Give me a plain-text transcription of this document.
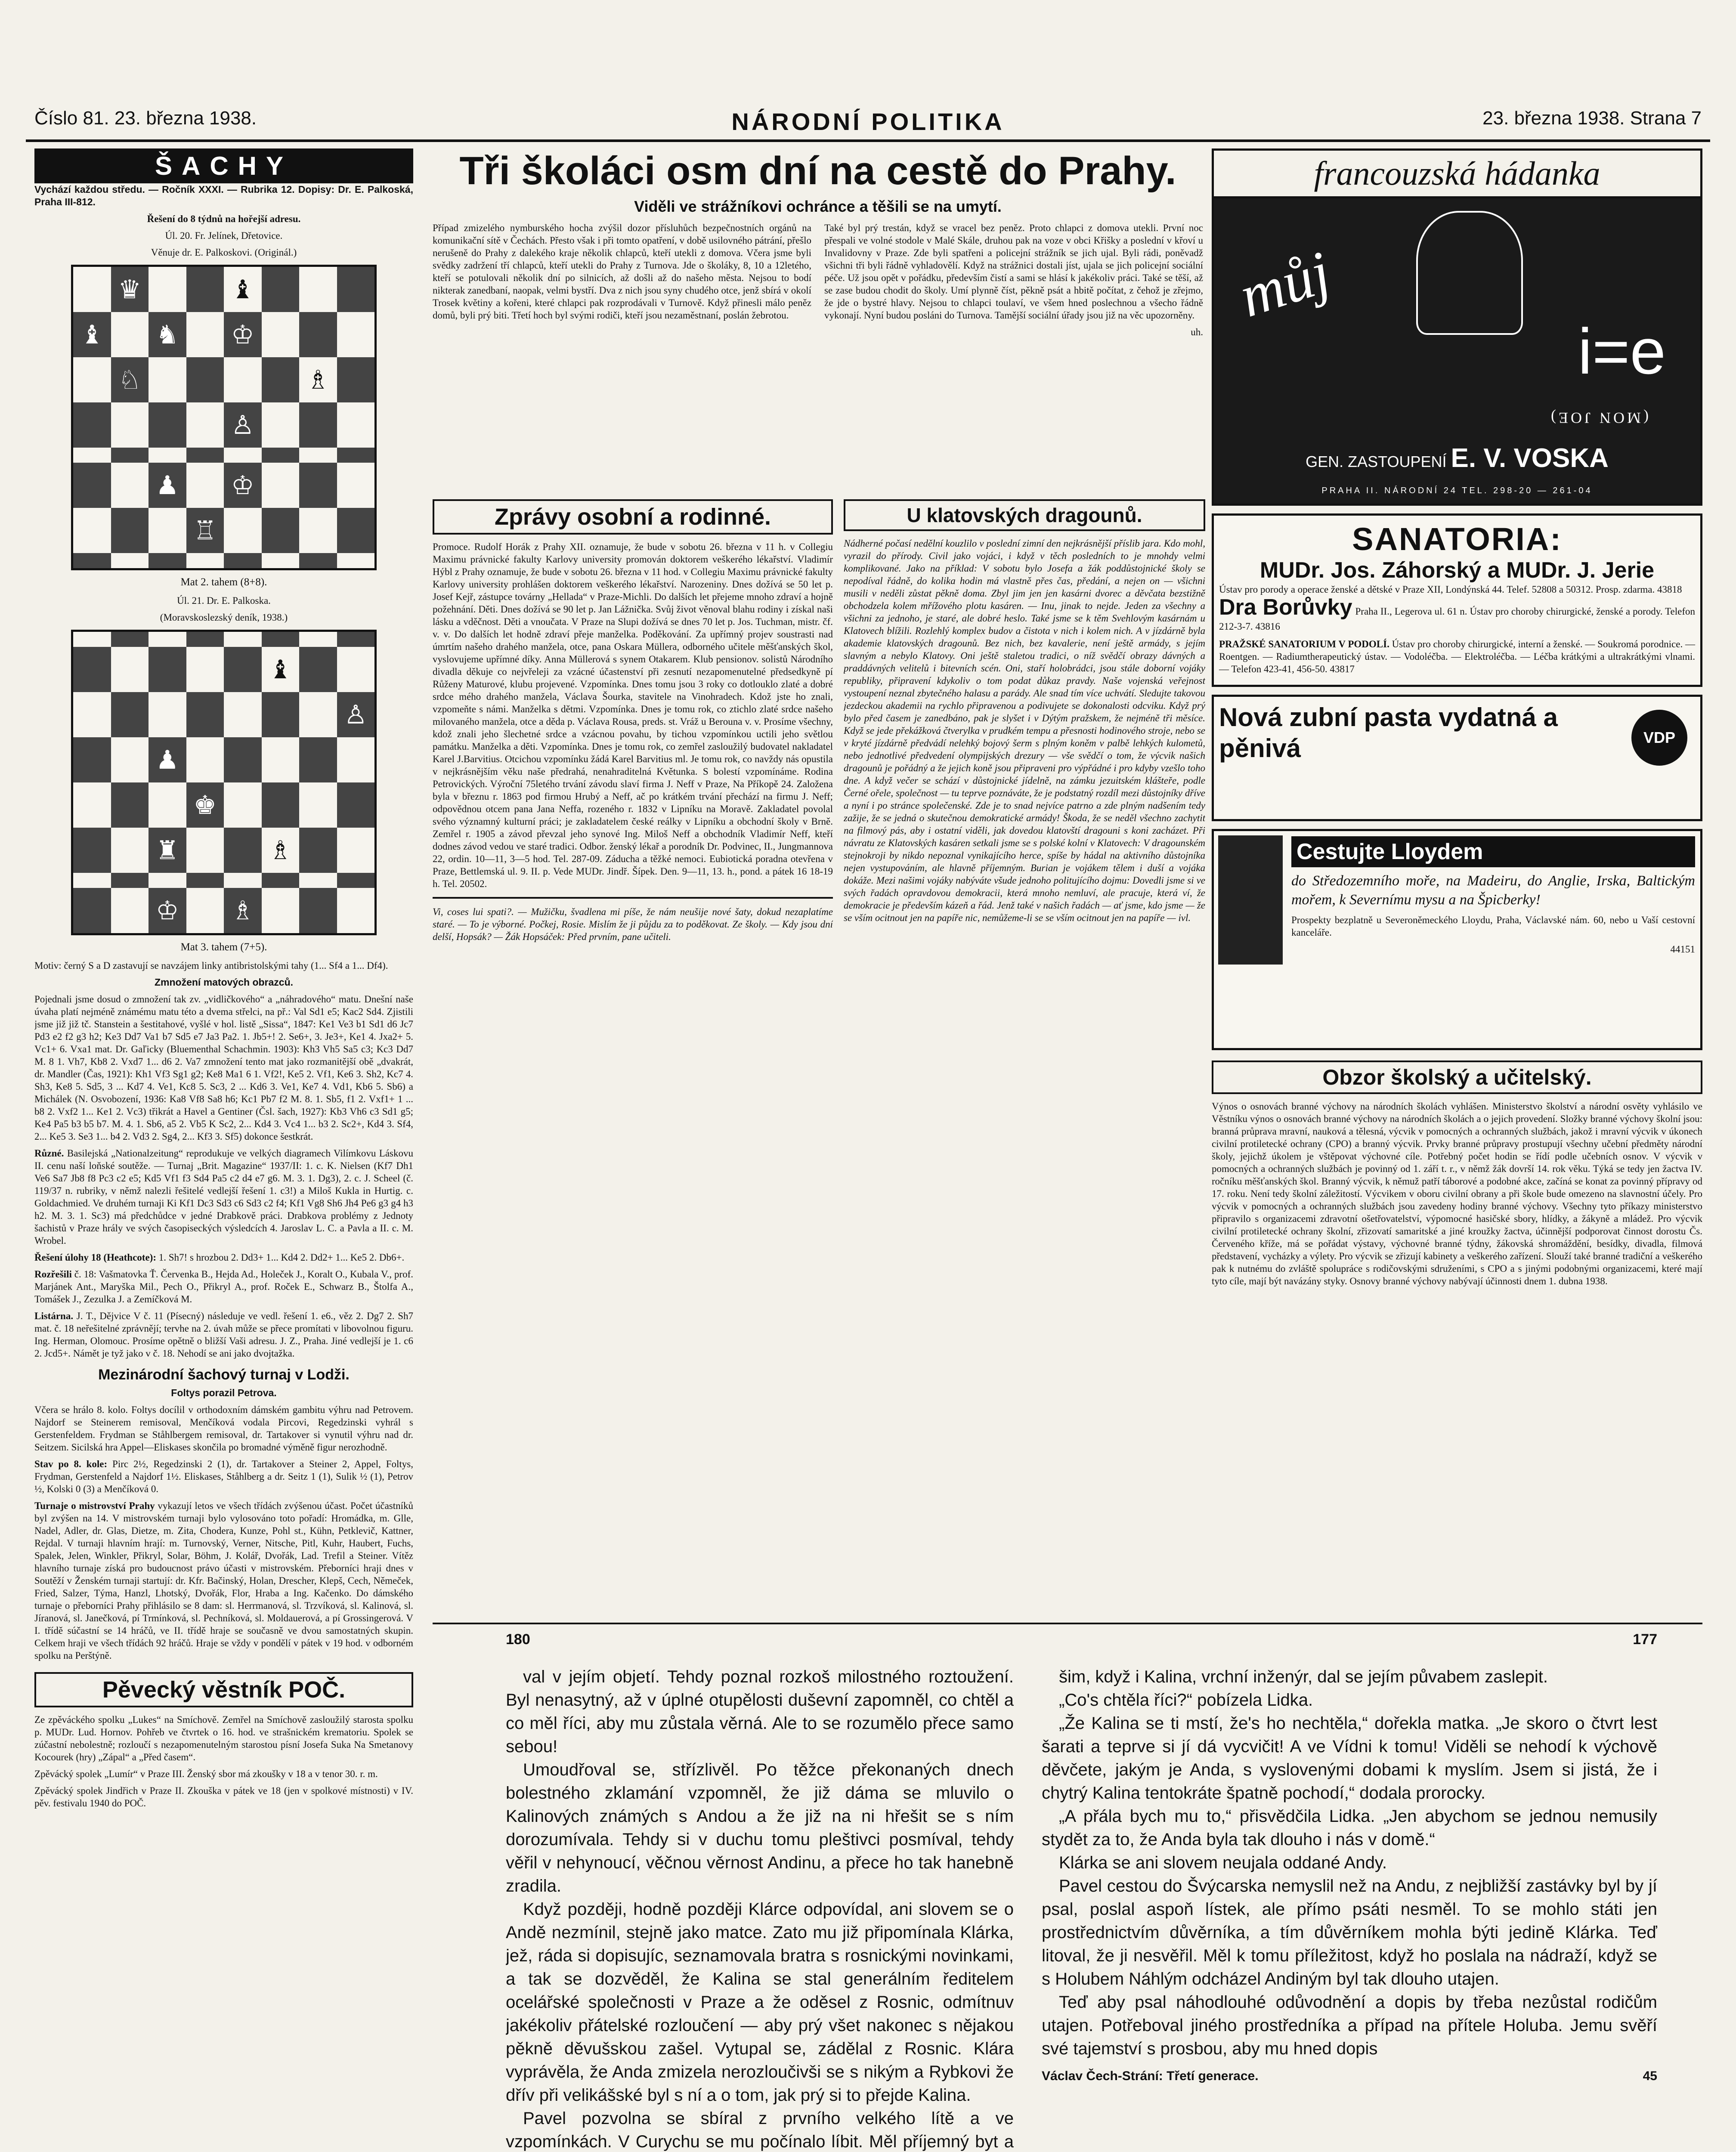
Číslo 81. 23. března 1938.	NÁRODNÍ POLITIKA	23. března 1938. Strana 7
ŠACHY
Vychází každou středu. — Ročník XXXI. — Rubrika 12. Dopisy: Dr. E. Palkoská, Praha III-812.
Řešení do 8 týdnů na hořejší adresu.
Úl. 20. Fr. Jelínek, Dřetovice.
Věnuje dr. E. Palkoskovi. (Originál.)
♛	♝
♝ ♞ ♔
♘	♗
♙
♟ ♔
♖
Mat 2. tahem (8+8).
Úl. 21. Dr. E. Palkoska.
(Moravskoslezský deník, 1938.)
♝
♙
♟
♚
♜	♗
♔ ♗
Mat 3. tahem (7+5).
Motiv: černý S a D zastavují se navzájem linky antibristolskými tahy (1... Sf4 a 1... Df4).
Zmnožení matových obrazců.
Pojednali jsme dosud o zmnožení tak zv. „vidličkového“ a „náhradového“ matu. Dnešní naše úvaha platí nejméně známému matu této a dvema střelci, na př.: Val Sd1 e5; Kac2 Sd4. Zjistili jsme již již tč. Stanstein a šestitahové, vyšlé v hol. listě „Sissa“, 1847: Ke1 Ve3 b1 Sd1 d6 Jc7 Pd3 e2 f2 g3 h2; Ke3 Dd7 Va1 b7 Sd5 e7 Ja3 Pa2. 1. Jb5+! 2. Se6+, 3. Je3+, Ke1 4. Jxa2+ 5. Vc1+ 6. Vxa1 mat. Dr. Gaľicky (Bluementhal Schachmin. 1903): Kh3 Vh5 Sa5 c3; Kc3 Dd7 M. 8 1. Vh7, Kb8 2. Vxd7 1... d6 2. Va7 zmnožení tento mat jako rozmanitější obě „dvakrát, dr. Mandler (Čas, 1921): Kh1 Vf3 Sg1 g2; Ke8 Ma1 6 1. Vf2!, Ke5 2. Vf1, Ke6 3. Sh2, Kc7 4. Sh3, Ke8 5. Sd5, 3 ... Kd7 4. Ve1, Kc8 5. Sc3, 2 ... Kd6 3. Ve1, Ke7 4. Vd1, Kb6 5. Sb6) a Michálek (N. Osvobození, 1936: Ka8 Vf8 Sa8 h6; Kc1 Pb7 f2 M. 8. 1. Sb5, f1 2. Vxf1+ 1 ... b8 2. Vxf2 1... Ke1 2. Vc3) třikrát a Havel a Gentiner (Čsl. šach, 1927): Kb3 Vh6 c3 Sd1 g5; Ke4 Pa5 b3 b5 b7. M. 4. 1. Sb6, a5 2. Vb5 K Sc2, 2... Kd4 3. Vc4 1... b3 2. Sc2+, Kd4 3. Sf4, 2... Ke5 3. Se3 1... b4 2. Vd3 2. Sg4, 2... Kf3 3. Sf5) dokonce šestkrát.
Různé. Basilejská „Nationalzeitung“ reprodukuje ve velkých diagramech Vilímkovu Láskovu II. cenu naší loňské soutěže. — Turnaj „Brit. Magazine“ 1937/II: 1. c. K. Nielsen (Kf7 Dh1 Ve6 Sa7 Jb8 f8 Pc3 c2 e5; Kd5 Vf1 f3 Sd4 Pa5 c2 d4 e7 g6. M. 3. 1. Dg3), 2. c. J. Scheel (č. 119/37 n. rubriky, v němž nalezli řešitelé vedlejší řešení 1. c3!) a Miloš Kukla in Hurtig. c. Goldachmied. Ve druhém turnaji Ki Kf1 Dc3 Sd3 c6 Sd3 c2 f4; Kf1 Vg8 Sh6 Jh4 Pe6 g3 g4 h3 h2. M. 3. 1. Sc3) má předchůdce v jedné Drabkově práci. Drabkova problémy z Jednoty šachistů v Praze hrály ve svých časopiseckých výsledcích 4. Jaroslav L. C. a Pavla a II. c. M. Wrobel.
Řešení úlohy 18 (Heathcote): 1. Sh7! s hrozbou 2. Dd3+ 1... Kd4 2. Dd2+ 1... Ke5 2. Db6+.
Rozřešili č. 18: Vašmatovka Ť. Červenka B., Hejda Ad., Holeček J., Koralt O., Kubala V., prof. Marjánek Ant., Maryška Mil., Pech O., Přikryl A., prof. Roček E., Schwarz B., Štolfa A., Tomášek J., Zezulka J. a Zemíčková M.
Listárna. J. T., Dějvice V č. 11 (Písecný) následuje ve vedl. řešení 1. e6., věz 2. Dg7 2. Sh7 mat. č. 18 neřešitelné zprávnějí; tervhe na 2. úvah může se přece promítati v libovolnou figuru. Ing. Herman, Olomouc. Prosíme opětně o bližší Vaši adresu. J. Z., Praha. Jiné vedlejší je 1. c6 2. Jcd5+. Námět je tyž jako v č. 18. Nehodí se ani jako dvojtažka.
Mezinárodní šachový turnaj v Lodži.
Foltys porazil Petrova.
Včera se hrálo 8. kolo. Foltys docílil v orthodoxním dámském gambitu výhru nad Petrovem. Najdorf se Steinerem remisoval, Menčíková vodala Pircovi, Regedzinski vyhrál s Gerstenfeldem. Frydman se Ståhlbergem remisoval, dr. Tartakover si vynutil výhru nad dr. Seitzem. Sicilská hra Appel—Eliskases skončila po bromadné výměně figur nerozhodně.
Stav po 8. kole: Pirc 2½, Regedzinski 2 (1), dr. Tartakover a Steiner 2, Appel, Foltys, Frydman, Gerstenfeld a Najdorf 1½. Eliskases, Ståhlberg a dr. Seitz 1 (1), Sulik ½ (1), Petrov ½, Kolski 0 (3) a Menčíková 0.
Turnaje o mistrovství Prahy vykazují letos ve všech třídách zvýšenou účast. Počet účastníků byl zvýšen na 14. V mistrovském turnaji bylo vylosováno toto pořadí: Hromádka, m. Glle, Nadel, Adler, dr. Glas, Dietze, m. Zita, Chodera, Kunze, Pohl st., Kühn, Petklevič, Kattner, Rejdal. V turnaji hlavním hrají: m. Turnovský, Verner, Nitsche, Pitl, Kuhr, Haubert, Fuchs, Spalek, Jelen, Winkler, Přikryl, Solar, Böhm, J. Kolář, Dvořák, Lad. Trefil a Steiner. Vítěz hlavního turnaje získá pro budoucnost právo účasti v mistrovském. Přeborníci hraji dnes v Soutěží v Ženském turnaji startují: dr. Kfr. Bačinský, Holan, Drescher, Klepš, Cech, Němeček, Fried, Salzer, Týma, Hanzl, Lhotský, Dvořák, Flor, Hraba a Ing. Kačenko. Do dámského turnaje o přeborníci Prahy přihlásilo se 8 dam: sl. Herrmanová, sl. Trzvíková, sl. Kalinová, sl. Jíranová, sl. Janečková, pí Trmínková, sl. Pechníková, sl. Moldauerová, a pí Grossingerová. V I. třídě súčastní se 14 hráčů, ve II. třídě hraje se současně ve dvou samostatných skupin. Celkem hraji ve všech třídách 92 hráčů. Hraje se vždy v pondělí v pátek v 19 hod. v odborném spolku na Perštýně.
Pěvecký věstník POČ.
Ze zpěváckého spolku „Lukes“ na Smíchově. Zemřel na Smíchově zasloužilý starosta spolku p. MUDr. Lud. Hornov. Pohřeb ve čtvrtek o 16. hod. ve strašnickém krematoriu. Spolek se zúčastní nebolestně; rozloučí s nezapomenutelným starostou písní Josefa Suka Na Smetanovy Kocourek (hry) „Zápal“ a „Před časem“.
Zpěvácký spolek „Lumír“ v Praze III. Ženský sbor má zkoušky v 18 a v tenor 30. r. m.
Zpěvácký spolek Jindřich v Praze II. Zkouška v pátek ve 18 (jen v spolkové místnosti) v IV. pěv. festivalu 1940 do POČ.
Tři školáci osm dní na cestě do Prahy.
Viděli ve strážníkovi ochránce a těšili se na umytí.
Případ zmizelého nymburského hocha zvýšil dozor přísluhůch bezpečnostních orgánů na komunikační sítě v Čechách. Přesto však i při tomto opatření, v době usilovného pátrání, přešlo nerušeně do Prahy z dalekého kraje několik chlapců, kteří utekli z domova. Včera jsme byli svědky zadržení tří chlapců, kteří utekli do Prahy z Turnova. Jde o školáky, 8, 10 a 12letého, kteří se potulovali několik dní po silnicích, až došli až do našeho města. Nejsou to bodí nikterak zanedbaní, naopak, velmi bystří. Dva z nich jsou syny chudého otce, jenž sbírá v okolí Trosek květiny a kořeni, které chlapci pak rozprodávali v Turnově. Když přinesli málo peněz domů, byli prý biti. Třetí hoch byl svými rodiči, kteří jsou nezaměstnaní, poslán žebrotou.
Také byl prý trestán, když se vracel bez peněz. Proto chlapci z domova utekli. První noc přespali ve volné stodole v Malé Skále, druhou pak na voze v obci Křišky a poslední v křoví u Invalidovny v Praze. Zde byli spatřeni a policejní strážník se jich ujal. Byli rádi, poněvadž všichni tři byli řádně vyhladovělí. Když na strážnici dostali jíst, ujala se jich policejní sociální péče. Už jsou opět v pořádku, především čistí a sami se hlásí k jakékoliv práci. Také se těší, až se zase budou chodit do školy. Umí plynně číst, pěkně psát a hbitě počítat, z čehož je zřejmo, že jde o bystré hlavy. Nejsou to chlapci toulaví, ve všem hned poslechnou a všecho řádně vykonají. Nyní budou posláni do Turnova. Tamější sociální úřady jsou již na věc upozorněny.
uh.
Zprávy osobní a rodinné.
Promoce. Rudolf Horák z Prahy XII. oznamuje, že bude v sobotu 26. března v 11 h. v Collegiu Maximu právnické fakulty Karlovy university promován doktorem veškerého lékařství. Vladimír Hýbl z Prahy oznamuje, že bude v sobotu 26. března v 11 hod. v Collegiu Maximu právnické fakulty Karlovy university prohlášen doktorem veškerého lékařství. Narozeniny. Dnes dožívá se 50 let p. Josef Kejř, zástupce továrny „Hellada“ v Praze-Michli. Do dalších let přejeme mnoho zdraví a hojně požehnání. Děti. Dnes dožívá se 90 let p. Jan Lážnička. Svůj život věnoval blahu rodiny i získal naši lásku a vděčnost. Děti a vnoučata. V Praze na Slupi dožívá se dnes 70 let p. Jos. Tuchman, mistr. čf. v. v. Do dalších let hodně zdraví přeje manželka. Poděkování. Za upřímný projev soustrasti nad úmrtím našeho drahého manžela, otce, pana Oskara Müllera, odborného učitele měšťanských škol, vyslovujeme upřímné díky. Anna Müllerová s synem Otakarem. Klub pensionov. solistů Národního divadla děkuje co nejvřeleji za vzácné účastenství při zesnutí nezapomenutelné předsedkyně pí Růženy Maturové, klubu projevené. Vzpomínka. Dnes tomu jsou 3 roky co dotlouklo zlaté a dobré srdce mého drahého manžela, Václava Šourka, stavitele na Vinohradech. Kdož jste ho znali, vzpomeňte s námi. Manželka s dětmi. Vzpomínka. Dnes je tomu rok, co ztichlo zlaté srdce našeho milovaného manžela, otce a děda p. Václava Rousa, preds. st. Vráž u Berouna v. v. Prosíme všechny, kdož znali jeho šlechetné srdce a vzácnou povahu, by tichou vzpomínkou uctili jeho světlou památku. Manželka a děti. Vzpomínka. Dnes je tomu rok, co zemřel zasloužilý budovatel nakladatel Karel J.Barvitius. Otcichou vzpomínku žádá Karel Barvitius ml. Je tomu rok, co navždy nás opustila v nejkrásnějším věku naše předrahá, nenahraditelná Květunka. S bolestí vzpomínáme. Rodina Petrovických. Výroční 75letého trvání závodu slaví firma J. Neff v Praze, Na Příkopě 24. Založena byla v březnu r. 1863 pod firmou Hrubý a Neff, ač po krátkém trvání přechází na firmu J. Neff; odpovědnou otcem pana Jana Neffa, rozeného r. 1832 v Lipníku na Moravě. Zakladatel povolal svého významný kulturní práci; je zakladatelem české reálky v Lipníku a obchodní školy v Brně. Zemřel r. 1905 a závod převzal jeho synové Ing. Miloš Neff a obchodník Vladimír Neff, kteří dodnes závod vedou ve staré tradici. Odbor. ženský lékař a porodník Dr. Podvinec, II., Jungmannova 22, ordin. 10—11, 3—5 hod. Tel. 287-09. Záducha a těžké nemoci. Eubiotická poradna otevřena v Praze, Bettlemská ul. 9. II. p. Vede MUDr. Jindř. Šípek. Den. 9—11, 13. h., pond. a pátek 16 18-19 h. Tel. 20502.
Vi, coses lui spati?. — Mužičku, švadlena mi píše, že nám neušije nové šaty, dokud nezaplatíme staré. — To je výborné. Počkej, Rosie. Mislím že ji půjdu za to poděkovat. Ze školy. — Kdy jsou dní delší, Hopsák? — Žák Hopsáček: Před prvním, pane učiteli.
U klatovských dragounů.
Nádherné počasí nedělní kouzlilo v poslední zimní den nejkrásnější příslib jara. Kdo mohl, vyrazil do přírody. Civil jako vojáci, i když v těch posledních to je mnohdy velmi komplikované. Jako na příklad: V sobotu bylo Josefa a žák poddůstojnické školy se nepodíval řádně, do kolika hodin má vlastně přes čas, předání, a nejen on — všichni musili v neděli zůstat pěkně doma. Zbyl jim jen jen kasárni dvorec a děvčata bezstižně obchodzela kolem mřížového plotu kasáren. — Inu, jinak to nejde. Jeden za všechny a všichni za jednoho, je staré, ale dobré heslo. Také jsme se k těm Svehlovým kasárnám u Klatovech blížili. Rozlehlý komplex budov a čistota v nich i kolem nich. A v jízdárně byla akademie klatovských dragounů. Bez nich, bez kavalerie, není ještě armády, s jejím slavným a nebylo Klatovy. Oni ještě staletou tradici, o níž svědčí obrazy dávných a praddávných velitelů i bitevních scén. Oni, staří holobrádci, jsou stále doborní vojáky republiky, připravení kdykoliv o tom podat důkaz pravdy. Naše vojenská veřejnost vystoupení neznal zbytečného halasu a parády. Ale snad tím více uchvátí. Sledujte takovou jezdeckou akademii na rychlo připravenou a podivujete se dokonalosti odcviku. Když prý bylo před časem je zanedbáno, pak je slyšet i v Dýtým pražskem, že nejméně tři měsíce. Když se jede překážková čtverylka v prudkém tempu a přesnosti hodinového stroje, nebo se v kryté jízdárně předvádí nelehký bojový šerm s plným koněm v palbě lehkých kulometů, nebo jednotlivé předvedení olympijských drezury — vše svědčí o tom, že výcvik našich dragounů je pořádný a že jejich koně jsou připraveni pro výpřádné i pro kdyby vzešlo toho dne. A když večer se schází v důstojnické jídelně, na zámku jezuitském klášteře, podle Černé ořele, společnost — tu teprve poznáváte, že je podstatný rozdíl mezi důstojníky dříve a nyní i po stránce společenské. Zde je to snad nejvíce patrno a zde plným nadšením tedy zažije, že se jedná o skutečnou demokratické armády! Škoda, že se neděl všechno zachytit na filmový pás, aby i ostatní viděli, jak dovedou klatovští dragouni s koni zacházet. Při návratu ze Klatovských kasáren setkali jsme se s polské kolní v Klatovech: V dragounském stejnokroji by nikdo nepoznal vynikajícího herce, spíše by hádal na aktivního důstojníka nejen vystupováním, ale hlavně příjemným. Burian je vojákem tělem i duší a vojáka dokáže. Mezi našimi vojáky nabýváte všude jednoho politujícího dojmu: Dovedli jsme si ve svých řadách opravdovou demokracii, která mnoho nemluví, ale pracuje, která ví, že demokracie je především kázeň a řád. Jenž také v našich řadách — ať jsme, kdo jsme — že se vším ocitnout jen na papíře nic, nemůžeme-li se se vším ocitnout jen na papíře — ivl.
francouzská hádanka
můj
i=e
(MON JOE)
GEN. ZASTOUPENÍ E. V. VOSKA
PRAHA II. NÁRODNÍ 24 TEL. 298-20 — 261-04
SANATORIA:
MUDr. Jos. Záhorský a MUDr. J. Jerie
Ústav pro porody a operace ženské a dětské v Praze XII, Londýnská 44. Telef. 52808 a 50312. Prosp. zdarma. 43818
Dra Borůvky Praha II., Legerova ul. 61 n. Ústav pro choroby chirurgické, ženské a porody. Telefon 212-3-7. 43816
PRAŽSKÉ SANATORIUM V PODOLÍ. Ústav pro choroby chirurgické, interní a ženské. — Soukromá porodnice. — Roentgen. — Radiumtherapeutický ústav. — Vodoléčba. — Elektroléčba. — Léčba krátkými a ultrakrátkými vlnami. — Telefon 423-41, 456-50. 43817
Nová zubní pasta vydatná a pěnivá	VDP
Cestujte Lloydem
do Středozemního moře, na Madeiru, do Anglie, Irska, Baltickým mořem, k Severnímu mysu a na Špicberky!
Prospekty bezplatně u Severoněmeckého Lloydu, Praha, Václavské nám. 60, nebo u Vaší cestovní kanceláře.
44151
Obzor školský a učitelský.
Výnos o osnovách branné výchovy na národních školách vyhlášen. Ministerstvo školství a národní osvěty vyhlásilo ve Věstníku výnos o osnovách branné výchovy na národních školách a o jejich provedení. Složky branné výchovy školní jsou: branná průprava mravní, nauková a tělesná, výcvik v pomocných a ochranných službách, jakož i mravní výcvik v úkonech civilní protiletecké ochrany (CPO) a branný výcvik. Prvky branné průpravy prostupují všechny učební předměty národní školy, jejichž úkolem je vštěpovat výchovné cíle. Potřebný počet hodin se řídí podle učebních osnov. V výcvik v pomocných a ochranných službách je povinný od 1. září t. r., v němž žák dovrší 14. rok věku. Týká se tedy jen žactva IV. ročníku měšťanských škol. Branný výcvik, k němuž patří táborové a podobné akce, začíná se konat za povinný přípravy od 17. roku. Není tedy školní záležitostí. Výcvikem v oboru civilní obrany a při škole bude omezeno na slavnostní účely. Pro výcvik v pomocných a ochranných službách jsou zavedeny hodiny branné výchovy. Všechny tyto příkazy ministerstvo připravilo s organizacemi zdravotní ošetřovatelství, výpomocné hasičské sbory, hlídky, a žákyně a mládež. Pro výcvik civilní protiletecké ochrany školní, zřizovatí samaritské a jiné kroužky žactva, účinnější podporovat činnost dorostu Čs. Červeného kříže, má se pořádat výstavy, výchovné branné týdny, žákovská shromáždění, besídky, divadla, filmová představení, vycházky a výlety. Pro výcvik se zřizují kabinety a veškerého zařízení. Slouží také branné tradiční a veškerého pak k nutnému do zvláště spolupráce s rodičovskými sdruženími, s CPO a s jinými podobnými organizacemi, které mají tyto cíle, mají být navázány styky. Osnovy branné výchovy nabývají účinnosti dnem 1. dubna 1938.
180

val v jejím objetí. Tehdy poznal rozkoš milostného roztoužení. Byl nenasytný, až v úplné otupělosti duševní zapomněl, co chtěl a co měl říci, aby mu zůstala věrná. Ale to se rozumělo přece samo sebou!

Umoudřoval se, střízlivěl. Po těžce překonaných dnech bolestného zklamání vzpomněl, že již dáma se mluvilo o Kalinových známých s Andou a že již na ni hřešit se s ním dorozumívala. Tehdy si v duchu tomu pleštivci posmíval, tehdy věřil v nehynoucí, věčnou věrnost Andinu, a přece ho tak hanebně zradila.

Když později, hodně později Klárce odpovídal, ani slovem se o Andě nezmínil, stejně jako matce. Zato mu již připomínala Klárka, jež, ráda si dopisujíc, seznamovala bratra s rosnickými novinkami, a tak se dozvěděl, že Kalina se stal generálním ředitelem ocelářské společnosti v Praze a že oděsel z Rosnic, odmítnuv jakékoliv přátelské rozloučení — aby prý všet nakonec s nějakou pěkně děvušskou zašel. Vytupal se, zádělal z Rosnic. Klára vyprávěla, že Anda zmizela nerozloučivši se s nikým a Rybkovi že dřív při velikášské byl s ní a o tom, jak prý si to přejde Kalina.

Pavel pozvolna se sbíral z prvního velkého lítě a ve vzpomínkách. V Curychu se mu počínalo líbit. Měl příjemný byt a

177

šim, když i Kalina, vrchní inženýr, dal se jejím půvabem zaslepit.

„Co's chtěla říci?“ pobízela Lidka.

„Že Kalina se ti mstí, že's ho nechtěla,“ dořekla matka. „Je skoro o čtvrt lest šarati a teprve si jí dá vycvičit! A ve Vídni k tomu! Viděli se nehodí k výchově děvčete, jakým je Anda, s vyslovenými dobami k myslím. Jsem si jistá, že i chytrý Kalina tentokráte špatně pochodí,“ dodala prorocky.

„A přála bych mu to,“ přisvědčila Lidka. „Jen abychom se jednou nemusily stydět za to, že Anda byla tak dlouho i nás v domě.“

Klárka se ani slovem neujala oddané Andy.

Pavel cestou do Švýcarska nemyslil než na Andu, z nejbližší zastávky byl by jí psal, poslal aspoň lístek, ale přímo psáti nesměl. To se mohlo státi jen prostřednictvím důvěrníka, a tím důvěrníkem mohla býti jedině Klárka. Teď litoval, že ji nesvěřil. Měl k tomu příležitost, když ho poslala na nádraží, když se s Holubem Náhlým odcházel Andiným byl tak dlouho utajen.

Teď aby psal náhodlouhé odůvodnění a dopis by třeba nezůstal rodičům utajen. Potřeboval jiného prostředníka a případ na přítele Holuba. Jemu svěří své tajemství s prosbou, aby mu hned dopis

Václav Čech-Strání: Třetí generace.	45
